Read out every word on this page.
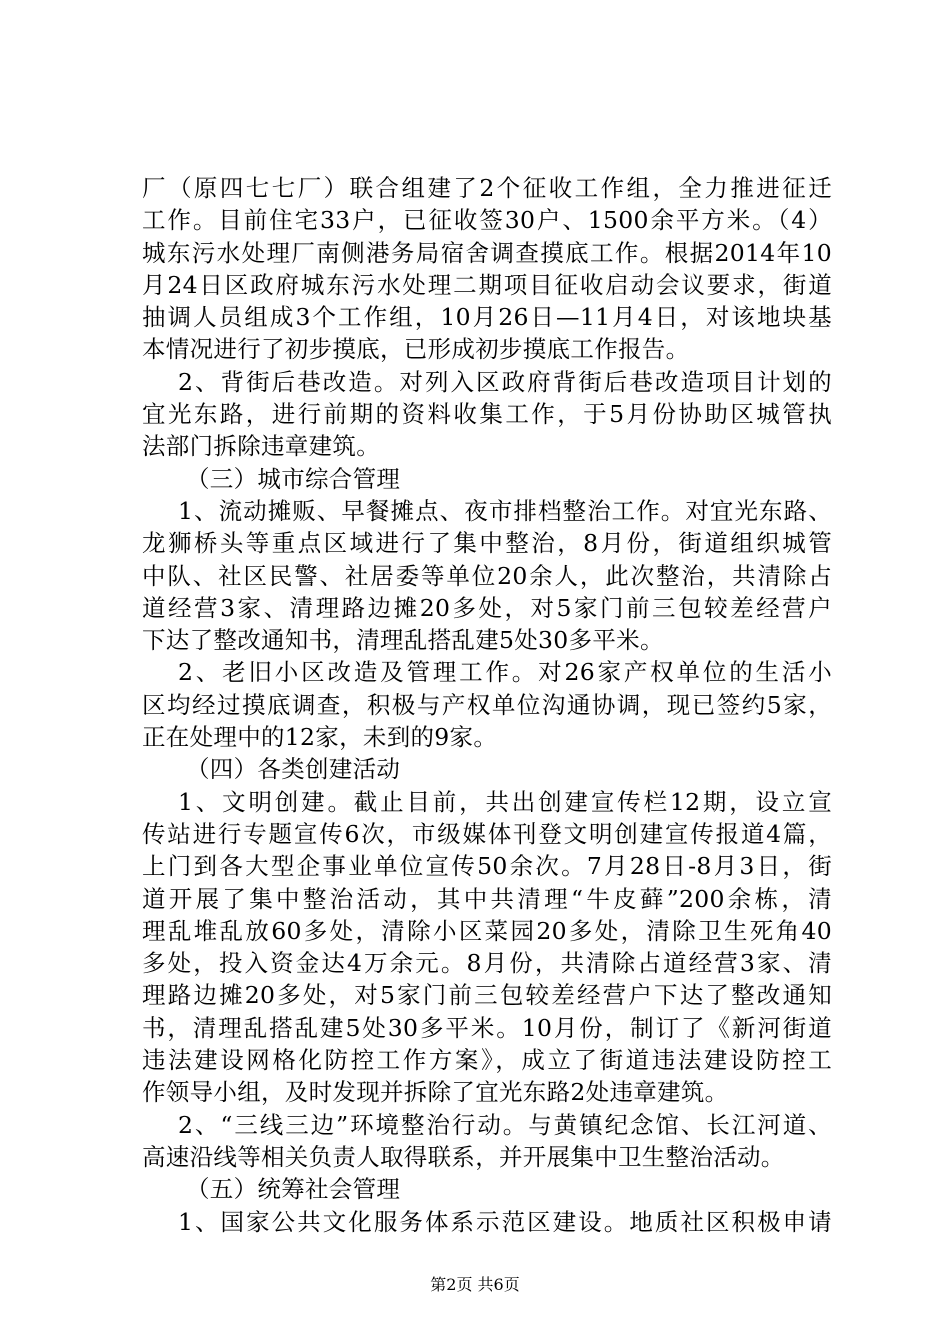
厂（原四七七厂）联合组建了2个征收工作组，全力推进征迁
工作。目前住宅33户，已征收签30户、1500余平方米。（4）
城东污水处理厂南侧港务局宿舍调查摸底工作。根据2014年10
月24日区政府城东污水处理二期项目征收启动会议要求，街道
抽调人员组成3个工作组，10月26日—11月4日，对该地块基
本情况进行了初步摸底，已形成初步摸底工作报告。
2、背街后巷改造。对列入区政府背街后巷改造项目计划的
宜光东路，进行前期的资料收集工作，于5月份协助区城管执
法部门拆除违章建筑。
（三）城市综合管理
1、流动摊贩、早餐摊点、夜市排档整治工作。对宜光东路、
龙狮桥头等重点区域进行了集中整治，8月份，街道组织城管
中队、社区民警、社居委等单位20余人，此次整治，共清除占
道经营3家、清理路边摊20多处，对5家门前三包较差经营户
下达了整改通知书，清理乱搭乱建5处30多平米。
2、老旧小区改造及管理工作。对26家产权单位的生活小
区均经过摸底调查，积极与产权单位沟通协调，现已签约5家，
正在处理中的12家，未到的9家。
（四）各类创建活动
1、文明创建。截止目前，共出创建宣传栏12期，设立宣
传站进行专题宣传6次，市级媒体刊登文明创建宣传报道4篇，
上门到各大型企事业单位宣传50余次。7月28日-8月3日，街
道开展了集中整治活动，其中共清理“牛皮藓”200余栋，清
理乱堆乱放60多处，清除小区菜园20多处，清除卫生死角40
多处，投入资金达4万余元。8月份，共清除占道经营3家、清
理路边摊20多处，对5家门前三包较差经营户下达了整改通知
书，清理乱搭乱建5处30多平米。10月份，制订了《新河街道
违法建设网格化防控工作方案》，成立了街道违法建设防控工
作领导小组，及时发现并拆除了宜光东路2处违章建筑。
2、“三线三边”环境整治行动。与黄镇纪念馆、长江河道、
高速沿线等相关负责人取得联系，并开展集中卫生整治活动。
（五）统筹社会管理
1、国家公共文化服务体系示范区建设。地质社区积极申请
第2页 共6页
